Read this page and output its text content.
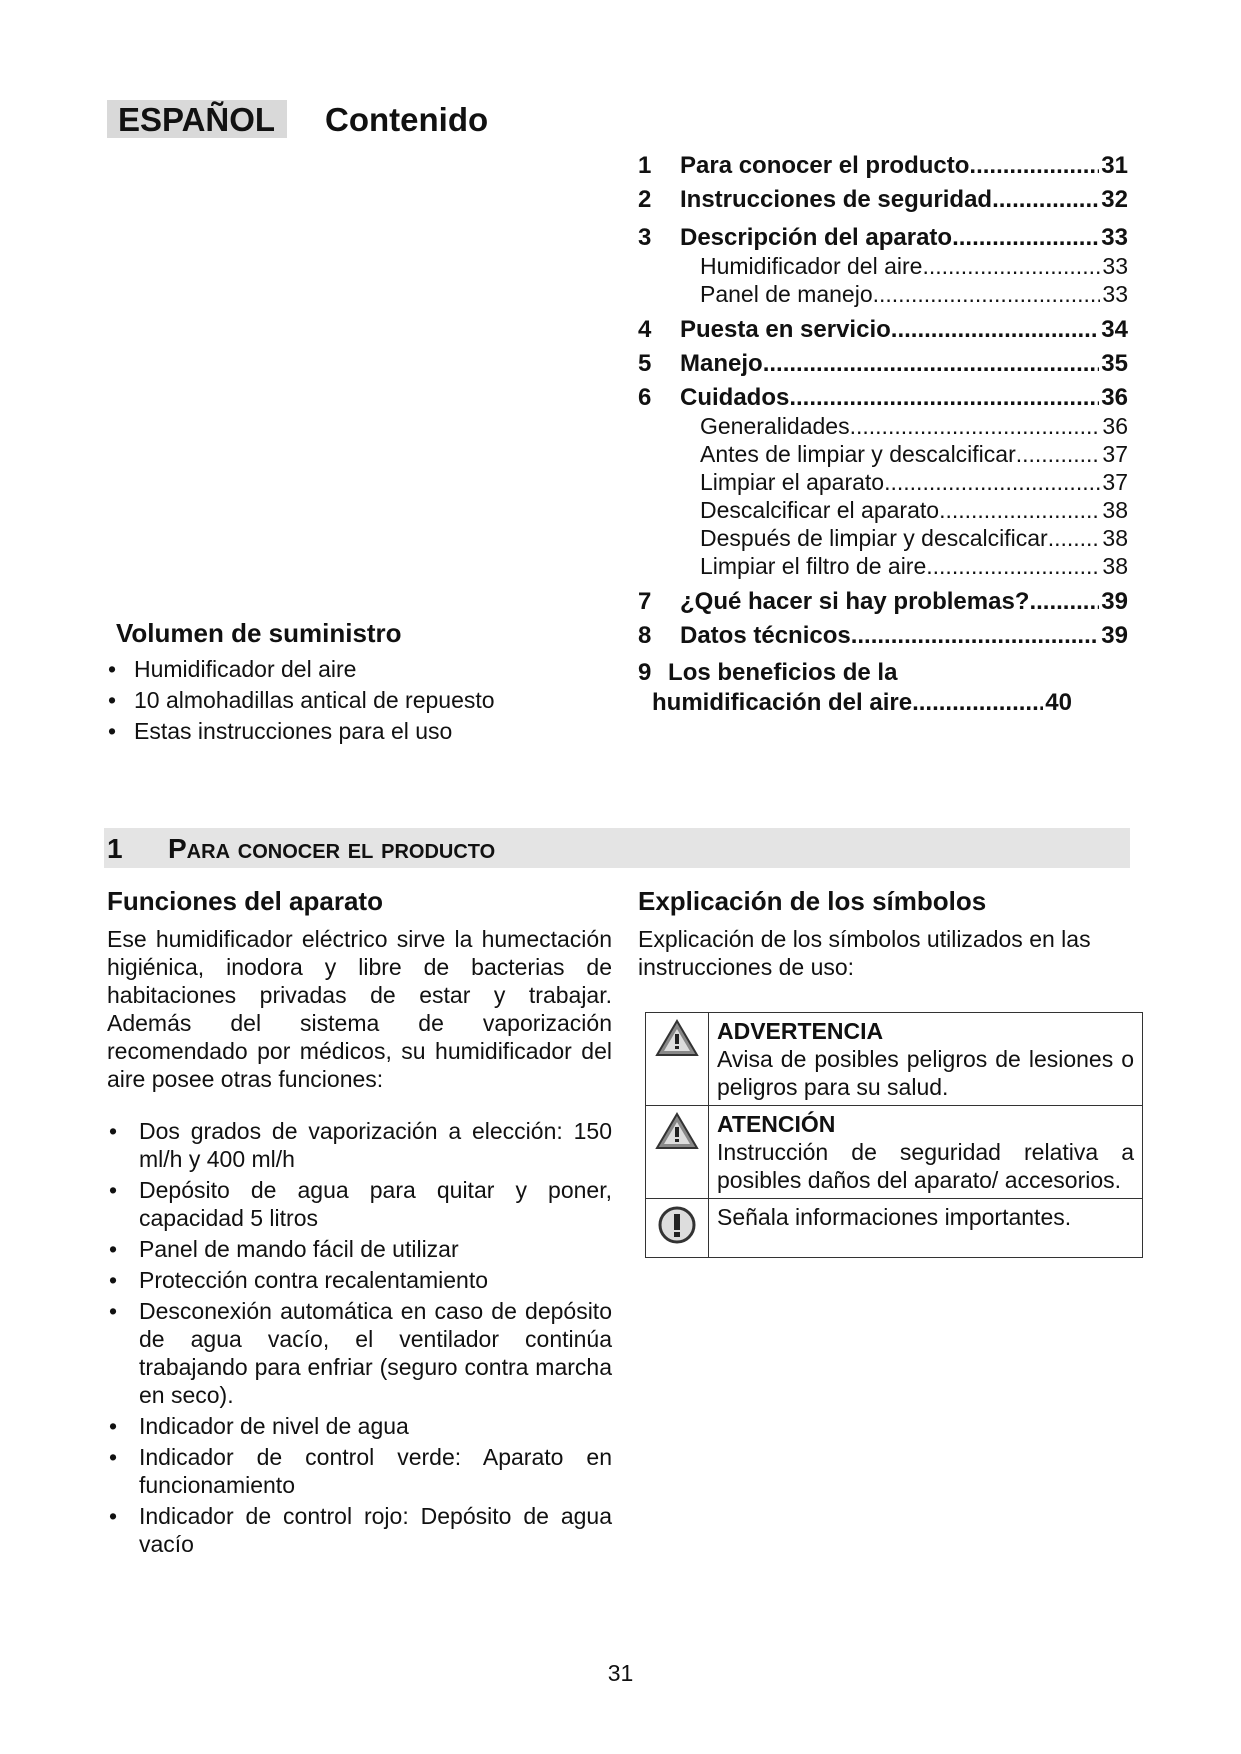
ESPAÑOL Contenido
1	Para conocer el producto .....	31
2	Instrucciones de seguridad .....	32
3	Descripción del aparato .....	33
Humidificador del aire .....	33
Panel de manejo .....	33
4	Puesta en servicio .....	34
5	Manejo .....	35
6	Cuidados .....	36
Generalidades .....	36
Antes de limpiar y descalcificar .....	37
Limpiar el aparato .....	37
Descalcificar el aparato .....	38
Después de limpiar y descalcificar ..... 38
Limpiar el filtro de aire .....	38
7	¿Qué hacer si hay problemas? .....	39
8	Datos técnicos .....	39
9 Los beneficios de la
humidificación del aire .....	40
Volumen de suministro
• Humidificador del aire
• 10 almohadillas antical de repuesto
• Estas instrucciones para el uso
1 Para conocer el producto
Funciones del aparato

Ese humidificador eléctrico sirve la humectación higiénica, inodora y libre de bacterias de habitaciones privadas de estar y trabajar. Además del sistema de vaporización recomendado por médicos, su humidificador del aire posee otras funciones:

• Dos grados de vaporización a elección: 150 ml/h y 400 ml/h
• Depósito de agua para quitar y poner, capacidad 5 litros
• Panel de mando fácil de utilizar
• Protección contra recalentamiento
• Desconexión automática en caso de depósito de agua vacío, el ventilador continúa trabajando para enfriar (seguro contra marcha en seco).
• Indicador de nivel de agua
• Indicador de control verde: Aparato en funcionamiento
• Indicador de control rojo: Depósito de agua vacío
Explicación de los símbolos

Explicación de los símbolos utilizados en las instrucciones de uso:

ADVERTENCIA
Avisa de posibles peligros de lesiones o peligros para su salud.

ATENCIÓN
Instrucción de seguridad relativa a posibles daños del aparato/ accesorios.

Señala informaciones importantes.
31
